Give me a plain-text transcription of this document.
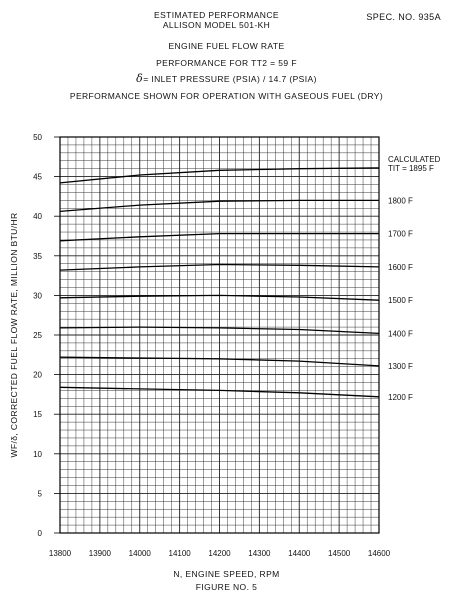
ESTIMATED PERFORMANCE
ALLISON MODEL 501-KH
SPEC. NO. 935A
ENGINE FUEL FLOW RATE
PERFORMANCE FOR TT2 = 59 F
δ= INLET PRESSURE (PSIA) / 14.7 (PSIA)
PERFORMANCE SHOWN FOR OPERATION WITH GASEOUS FUEL (DRY)
0
5
10
15
20
25
30
35
40
45
50
13800 13900 14000 14100 14200 14300 14400 14500 14600
WF/δ, CORRECTED FUEL FLOW RATE, MILLION BTU/HR
CALCULATED
TIT = 1895 F
1800 F
1700 F
1600 F
1500 F
1400 F
1300 F
1200 F
N, ENGINE SPEED, RPM
FIGURE NO. 5
